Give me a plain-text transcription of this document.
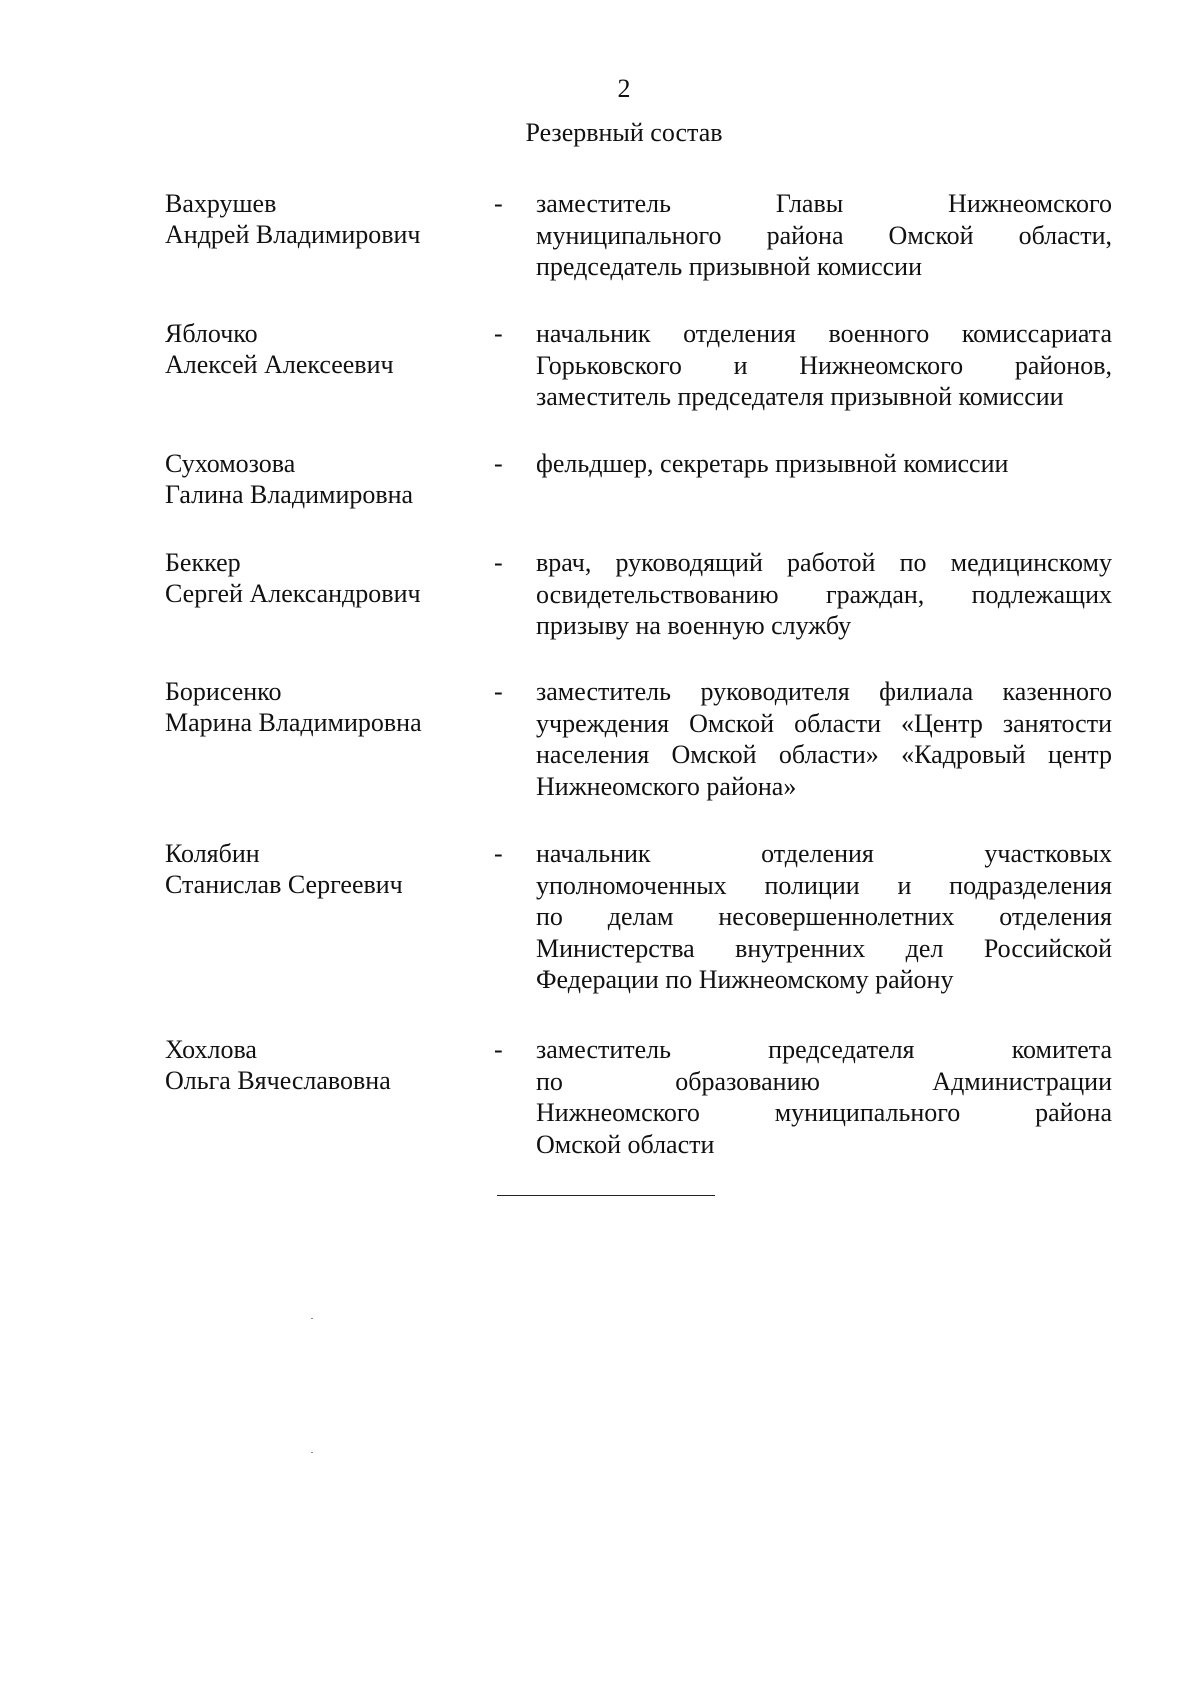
2
Резервный состав
Вахрушев
Андрей Владимирович
- заместитель Главы Нижнеомского
муниципального района Омской области,
председатель призывной комиссии
Яблочко
Алексей Алексеевич
- начальник отделения военного комиссариата
Горьковского и Нижнеомского районов,
заместитель председателя призывной комиссии
Сухомозова
Галина Владимировна
- фельдшер, секретарь призывной комиссии
Беккер
Сергей Александрович
- врач, руководящий работой по медицинскому
освидетельствованию граждан, подлежащих
призыву на военную службу
Борисенко
Марина Владимировна
- заместитель руководителя филиала казенного
учреждения Омской области «Центр занятости
населения Омской области» «Кадровый центр
Нижнеомского района»
Колябин
Станислав Сергеевич
- начальник отделения участковых
уполномоченных полиции и подразделения
по делам несовершеннолетних отделения
Министерства внутренних дел Российской
Федерации по Нижнеомскому району
Хохлова
Ольга Вячеславовна
- заместитель председателя комитета
по образованию Администрации
Нижнеомского муниципального района
Омской области
